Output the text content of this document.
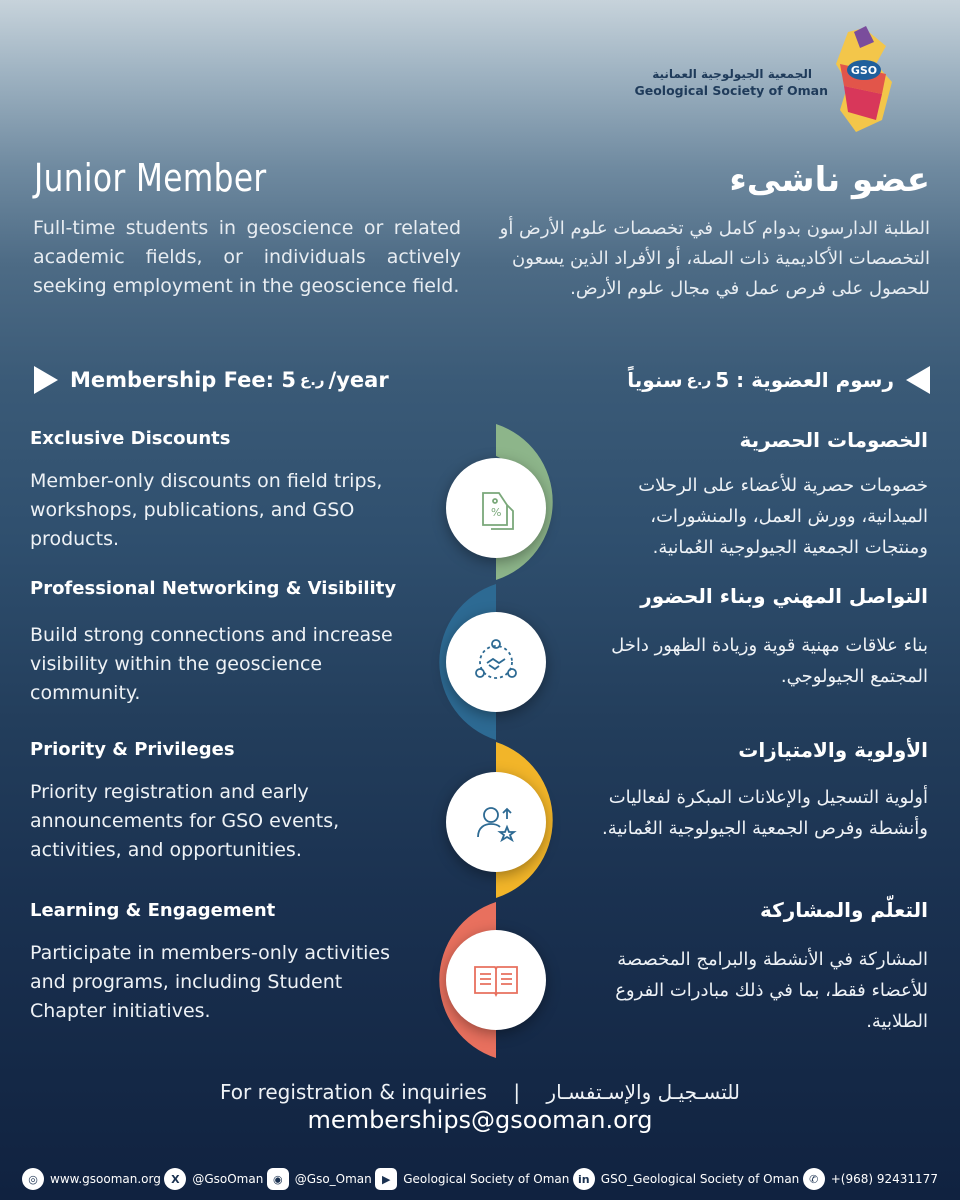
GSO
الجمعية الجيولوجية العمانية
Geological Society of Oman
Junior Member	عضو ناشىء
Full-time students in geoscience or related academic fields, or individuals actively seeking employment in the geoscience field.
الطلبة الدارسون بدوام كامل في تخصصات علوم الأرض أو التخصصات الأكاديمية ذات الصلة، أو الأفراد الذين يسعون للحصول على فرص عمل في مجال علوم الأرض.
Membership Fee: 5 ر.ع /year	رسوم العضوية : 5
ر.ع
سنوياً
Exclusive Discounts
Member-only discounts on field trips, workshops, publications, and GSO products.
الخصومات الحصرية
خصومات حصرية للأعضاء على الرحلات الميدانية، وورش العمل، والمنشورات، ومنتجات الجمعية الجيولوجية العُمانية.
%
Professional Networking & Visibility
Build strong connections and increase visibility within the geoscience community.
التواصل المهني وبناء الحضور
بناء علاقات مهنية قوية وزيادة الظهور داخل المجتمع الجيولوجي.
Priority & Privileges
Priority registration and early announcements for GSO events, activities, and opportunities.
الأولوية والامتيازات
أولوية التسجيل والإعلانات المبكرة لفعاليات وأنشطة وفرص الجمعية الجيولوجية العُمانية.
Learning & Engagement
Participate in members-only activities and programs, including Student Chapter initiatives.
التعلّم والمشاركة
المشاركة في الأنشطة والبرامج المخصصة للأعضاء فقط، بما في ذلك مبادرات الفروع الطلابية.
For registration & inquiries | للتسـجيـل والإسـتفسـار
memberships@gsooman.org
◎	www.gsooman.org X	@GsoOman ◉	@Gso_Oman ▶	Geological Society of Oman in GSO_Geological Society of Oman ✆	+(968) 92431177
